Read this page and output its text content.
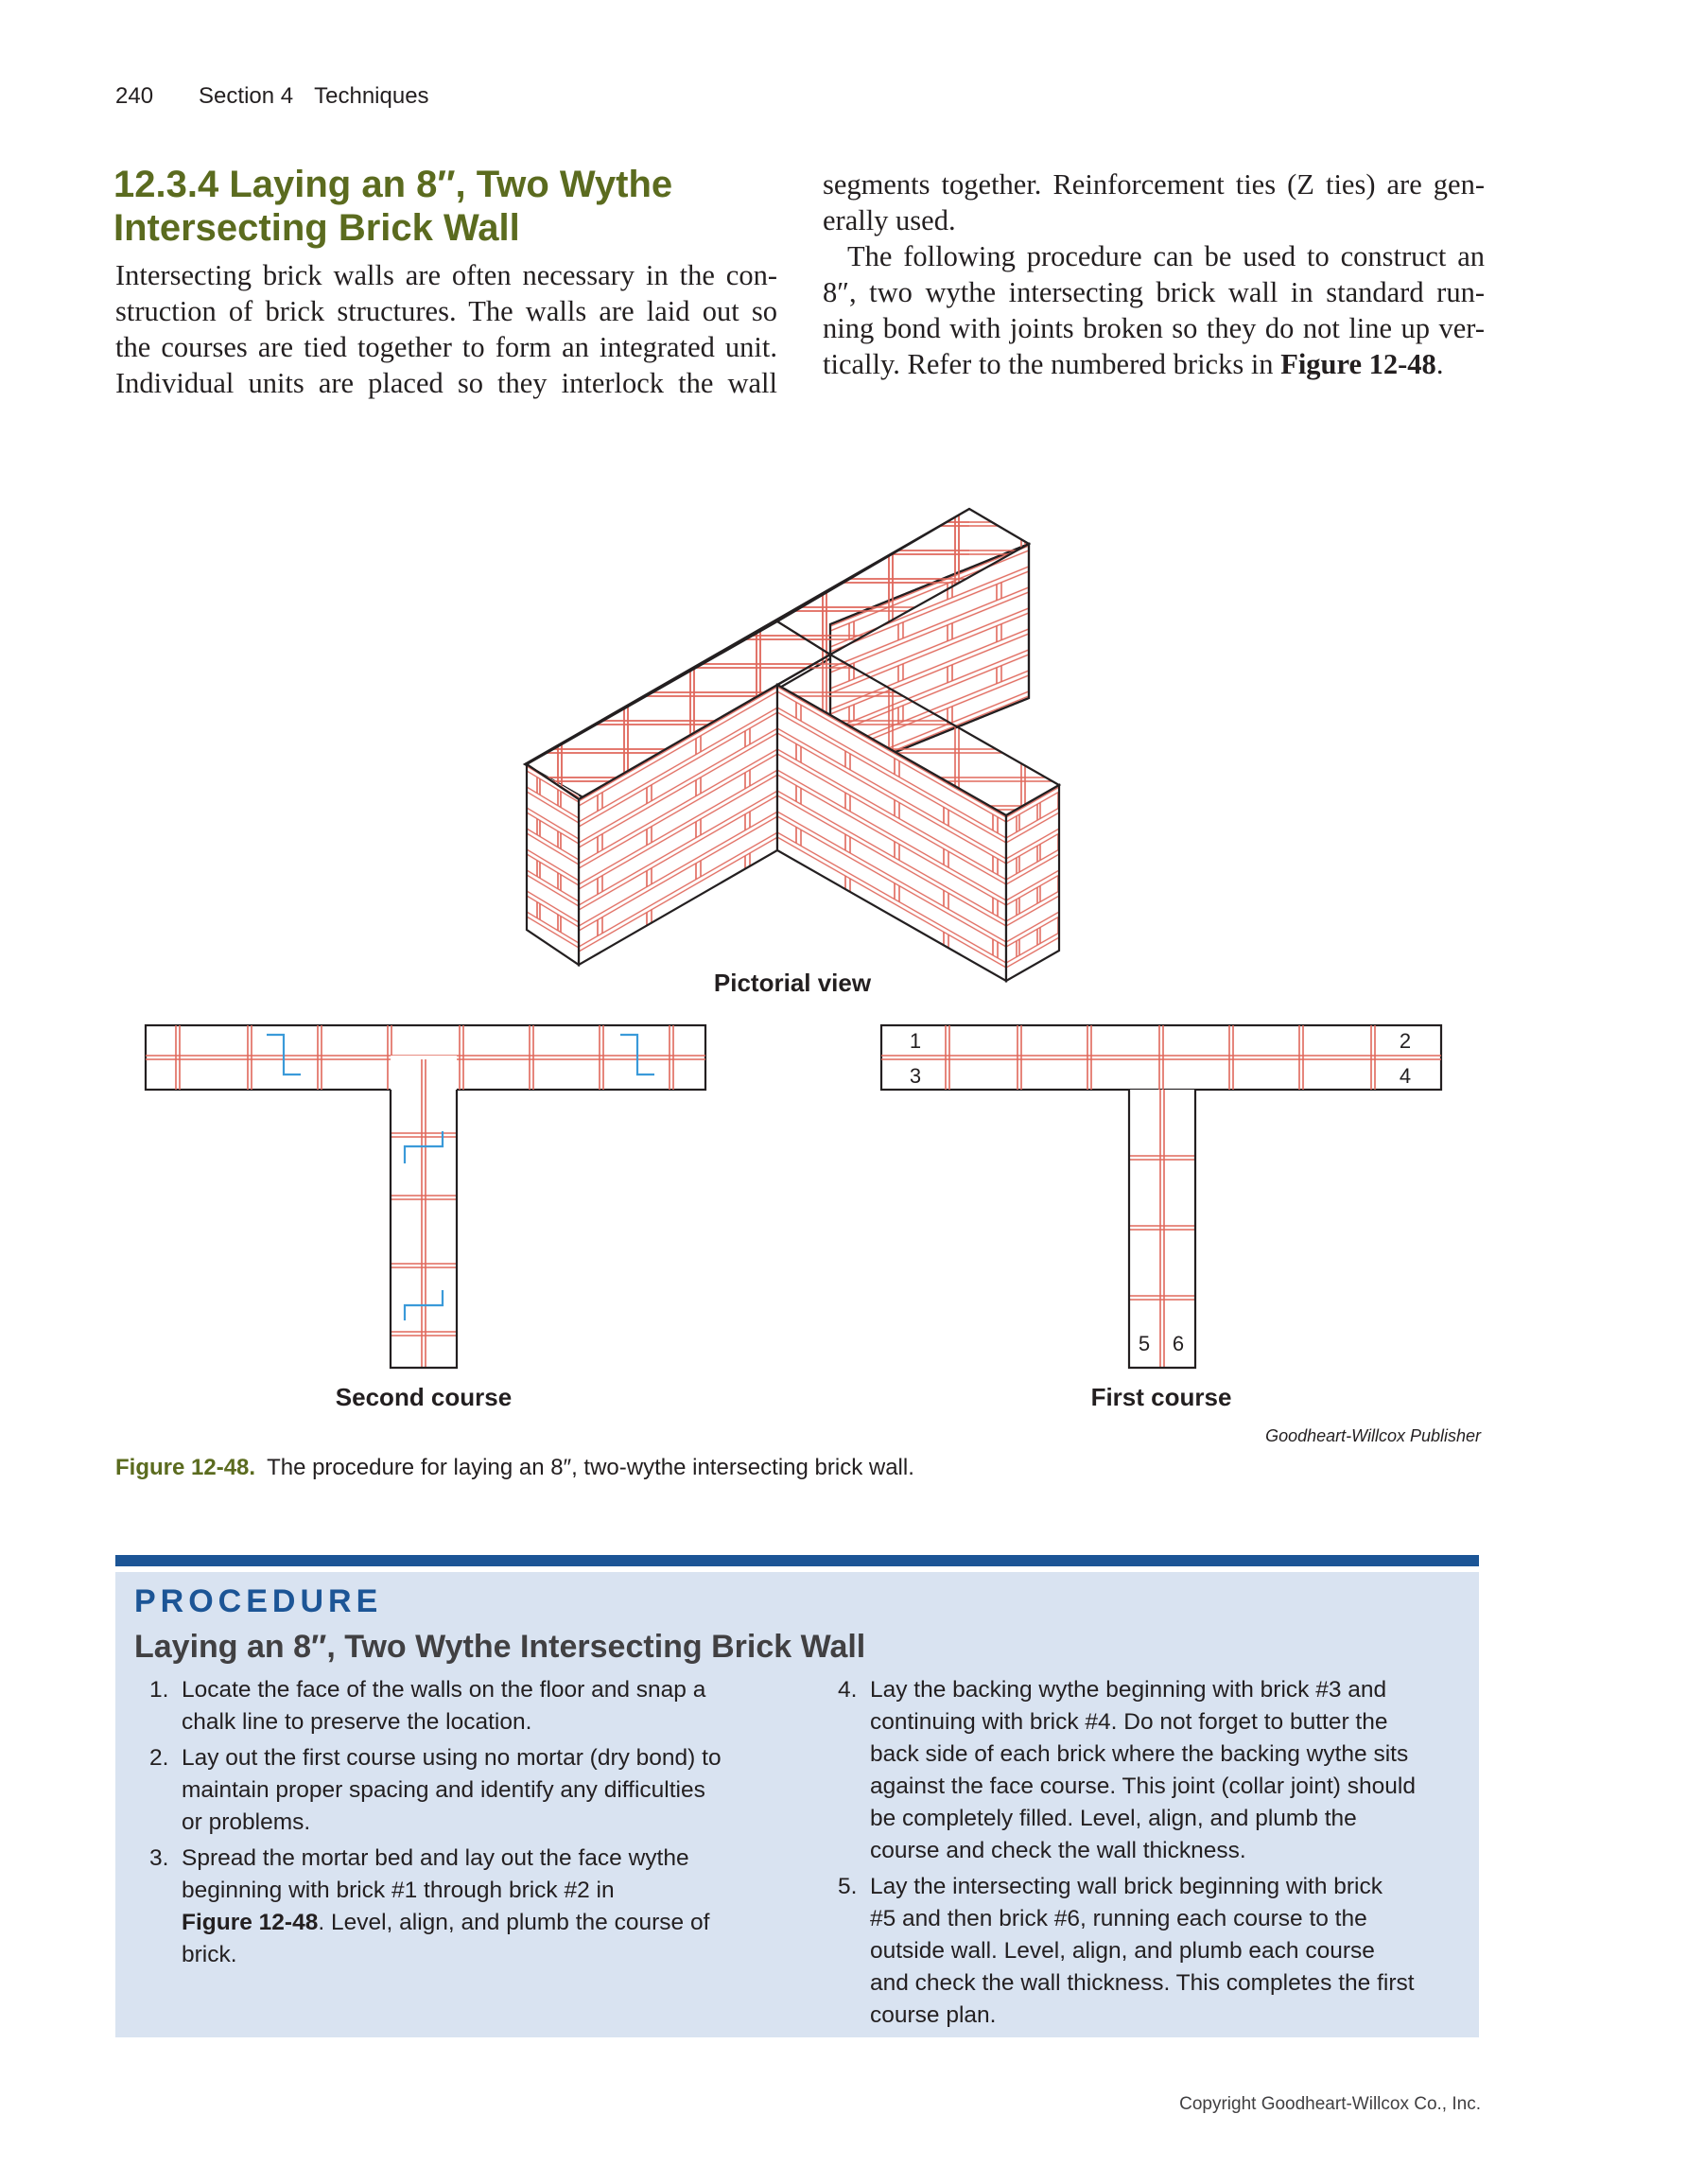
240 Section 4 Techniques
12.3.4 Laying an 8″, Two Wythe
Intersecting Brick Wall
Intersecting brick walls are often necessary in the con-
struction of brick structures. The walls are laid out so
the courses are tied together to form an integrated unit.
Individual units are placed so they interlock the wall
segments together. Reinforcement ties (Z ties) are gen-
erally used.
The following procedure can be used to construct an
8″, two wythe intersecting brick wall in standard run-
ning bond with joints broken so they do not line up ver-
tically. Refer to the numbered bricks in Figure 12-48.
Pictorial view
Second course
1	2
3	4
5 6
First course
Goodheart-Willcox Publisher
Figure 12-48. The procedure for laying an 8″, two-wythe intersecting brick wall.
PROCEDURE
Laying an 8″, Two Wythe Intersecting Brick Wall
1. Locate the face of the walls on the floor and snap a
chalk line to preserve the location.
2. Lay out the first course using no mortar (dry bond) to
maintain proper spacing and identify any difficulties
or problems.
3. Spread the mortar bed and lay out the face wythe
beginning with brick #1 through brick #2 in
Figure 12-48. Level, align, and plumb the course of
brick.
4. Lay the backing wythe beginning with brick #3 and
continuing with brick #4. Do not forget to butter the
back side of each brick where the backing wythe sits
against the face course. This joint (collar joint) should
be completely filled. Level, align, and plumb the
course and check the wall thickness.
5. Lay the intersecting wall brick beginning with brick
#5 and then brick #6, running each course to the
outside wall. Level, align, and plumb each course
and check the wall thickness. This completes the first
course plan.
Copyright Goodheart-Willcox Co., Inc.
